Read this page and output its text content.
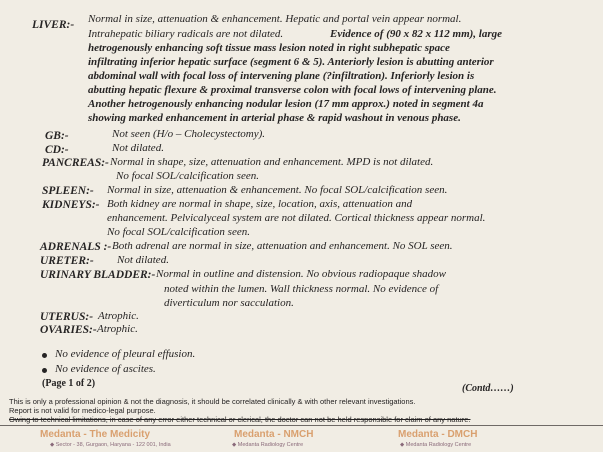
LIVER:- Normal in size, attenuation & enhancement. Hepatic and portal vein appear normal.
Intrahepatic biliary radicals are not dilated.	Evidence of (90 x 82 x 112 mm), large
hetrogenously enhancing soft tissue mass lesion noted in right subhepatic space
infiltrating inferior hepatic surface (segment 6 & 5). Anteriorly lesion is abutting anterior
abdominal wall with focal loss of intervening plane (?infiltration). Inferiorly lesion is
abutting hepatic flexure & proximal transverse colon with focal lows of intervening plane.
Another hetrogenously enhancing nodular lesion (17 mm approx.) noted in segment 4a
showing marked enhancement in arterial phase & rapid washout in venous phase.
GB:-	Not seen (H/o – Cholecystectomy).
CD:-	Not dilated.
PANCREAS:- Normal in shape, size, attenuation and enhancement. MPD is not dilated.
No focal SOL/calcification seen.
SPLEEN:- Normal in size, attenuation & enhancement. No focal SOL/calcification seen.
KIDNEYS:- Both kidney are normal in shape, size, location, axis, attenuation and
enhancement. Pelvicalyceal system are not dilated. Cortical thickness appear normal.
No focal SOL/calcification seen.
ADRENALS :- Both adrenal are normal in size, attenuation and enhancement. No SOL seen.
URETER:- Not dilated.
URINARY BLADDER:- Normal in outline and distension. No obvious radiopaque shadow
noted within the lumen. Wall thickness normal. No evidence of
diverticulum nor sacculation.
UTERUS:- Atrophic.
OVARIES:- Atrophic.
No evidence of pleural effusion.
No evidence of ascites.
(Page 1 of 2)	(Contd……)
This is only a professional opinion & not the diagnosis, it should be correlated clinically & with other relevant investigations.
Report is not valid for medico-legal purpose.
Owing to technical limitations, in case of any error either technical or clerical, the doctor can not be held responsible for claim of any nature.
Medanta - The Medicity
◆ Sector - 38, Gurgaon, Haryana - 122 001, India
Medanta - NMCH
◆ Medanta Radiology Centre
Medanta - DMCH
◆ Medanta Radiology Centre
